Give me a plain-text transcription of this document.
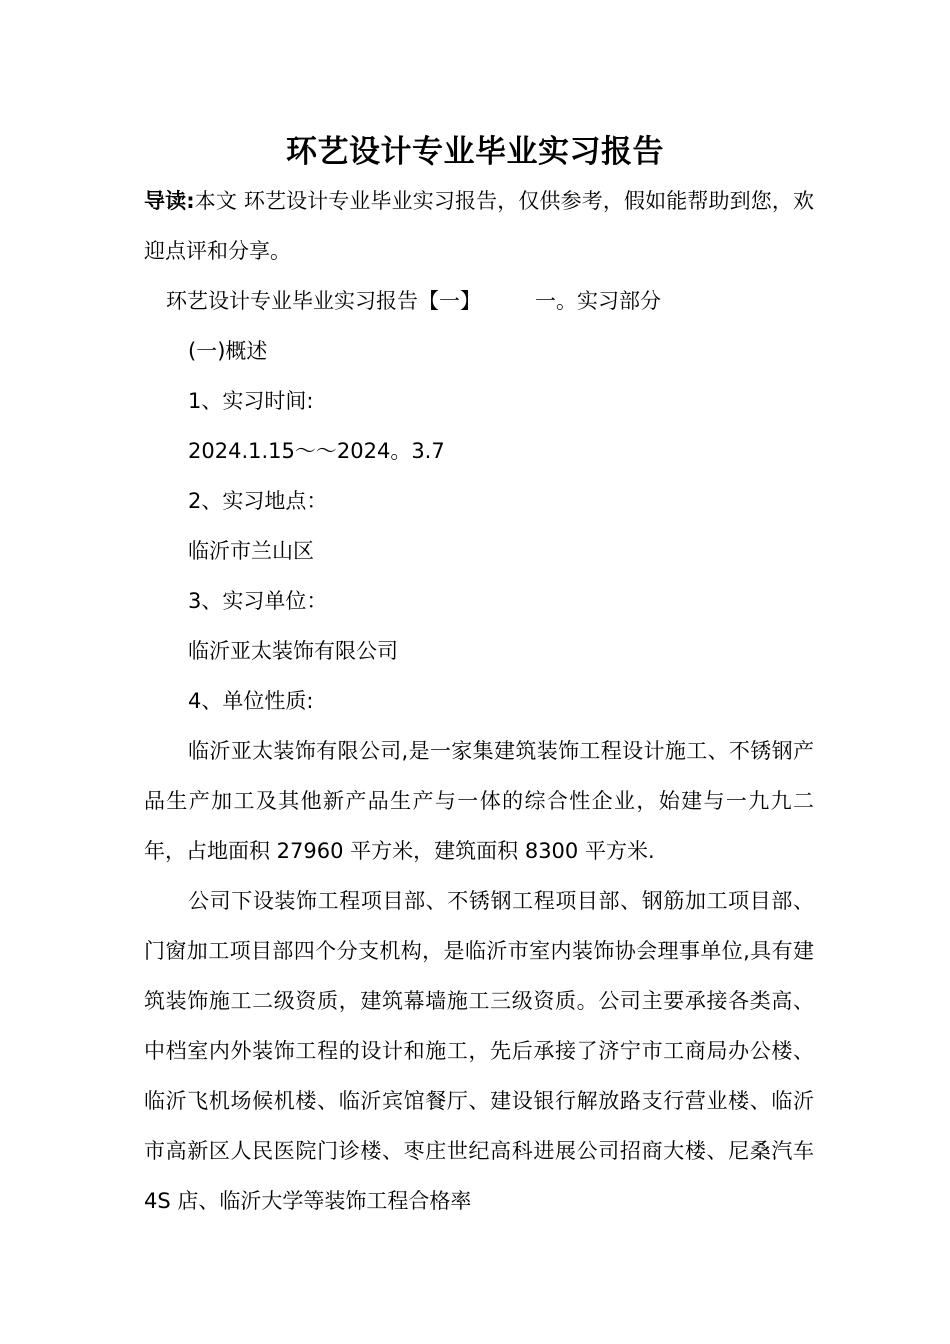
环艺设计专业毕业实习报告

导读:本文 环艺设计专业毕业实习报告，仅供参考，假如能帮助到您，欢迎点评和分享。

环艺设计专业毕业实习报告【一】	一。实习部分
(一)概述
1、实习时间:
2024.1.15～～2024。3.7
2、实习地点：
临沂市兰山区
3、实习单位：
临沂亚太装饰有限公司
4、单位性质:

临沂亚太装饰有限公司,是一家集建筑装饰工程设计施工、不锈钢产品生产加工及其他新产品生产与一体的综合性企业，始建与一九九二年，占地面积 27960 平方米，建筑面积 8300 平方米.

公司下设装饰工程项目部、不锈钢工程项目部、钢筋加工项目部、门窗加工项目部四个分支机构，是临沂市室内装饰协会理事单位,具有建筑装饰施工二级资质，建筑幕墙施工三级资质。公司主要承接各类高、中档室内外装饰工程的设计和施工，先后承接了济宁市工商局办公楼、临沂飞机场候机楼、临沂宾馆餐厅、建设银行解放路支行营业楼、临沂市高新区人民医院门诊楼、枣庄世纪高科进展公司招商大楼、尼桑汽车 4S 店、临沂大学等装饰工程合格率
